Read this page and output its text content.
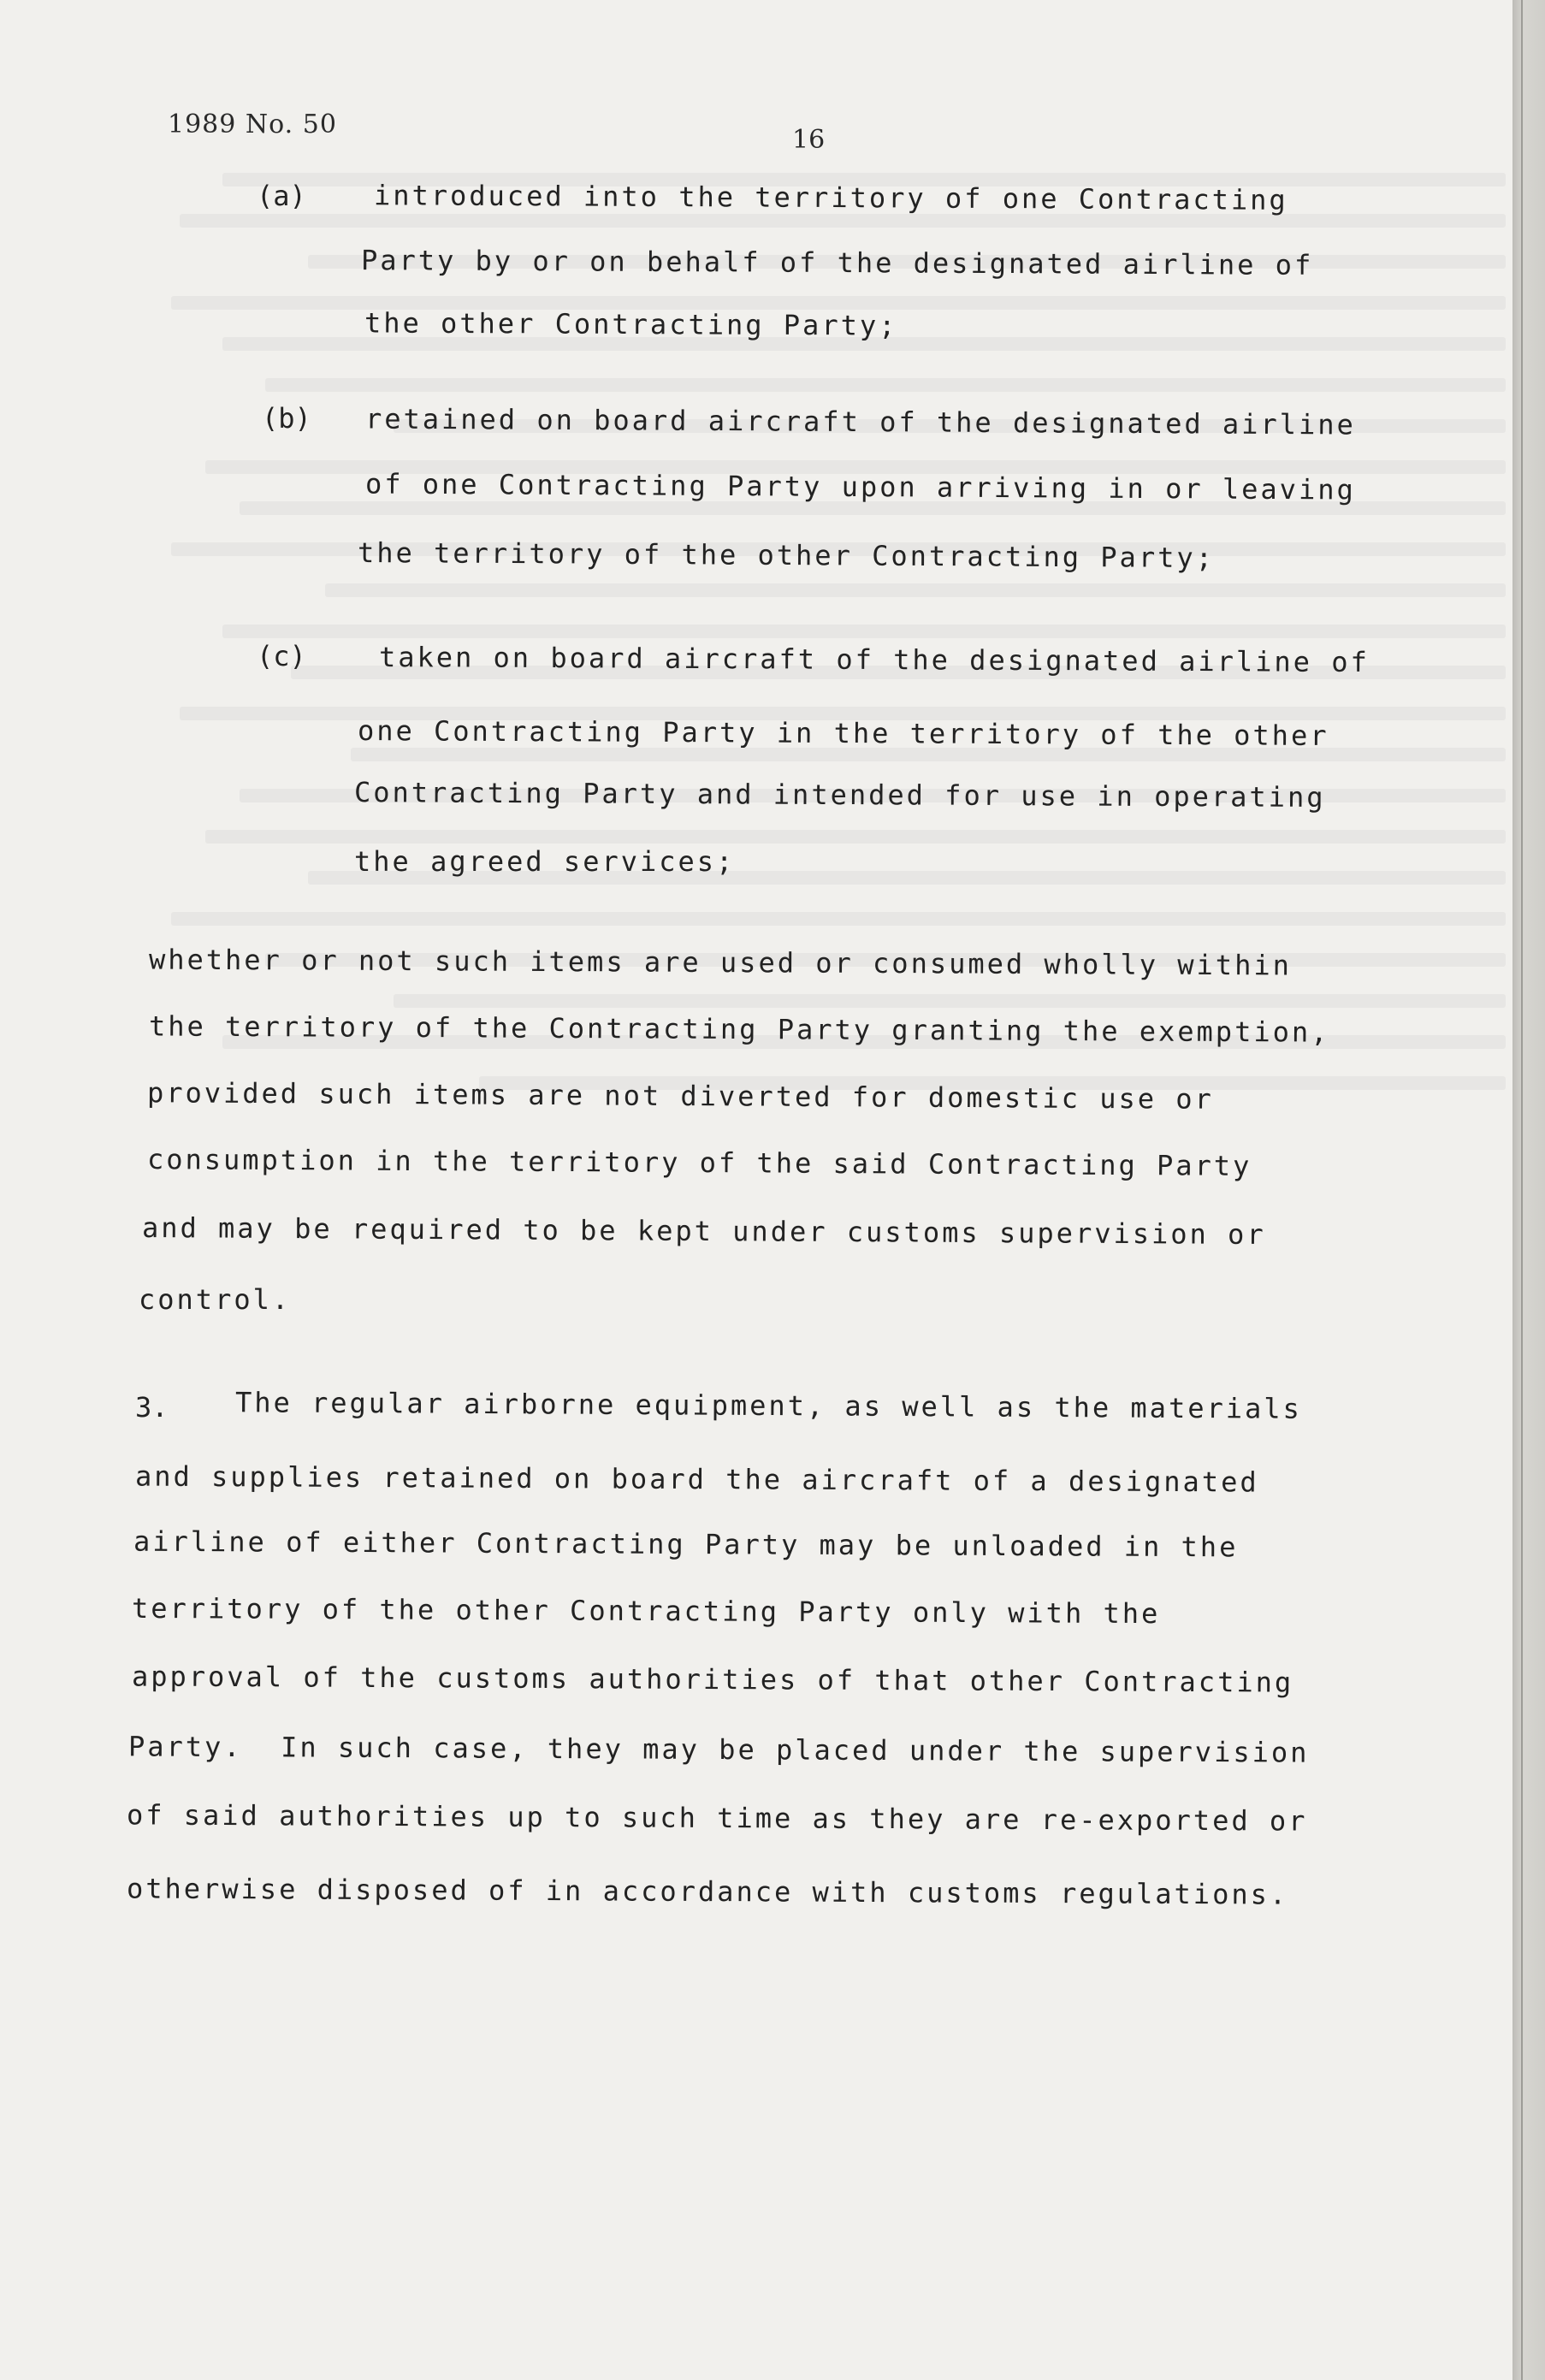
1989 No. 50
16
(a) introduced into the territory of one Contracting
Party by or on behalf of the designated airline of
the other Contracting Party;
(b) retained on board aircraft of the designated airline
of one Contracting Party upon arriving in or leaving
the territory of the other Contracting Party;
(c)	taken on board aircraft of the designated airline of
one Contracting Party in the territory of the other
Contracting Party and intended for use in operating
the agreed services;
whether or not such items are used or consumed wholly within
the territory of the Contracting Party granting the exemption,
provided such items are not diverted for domestic use or
consumption in the territory of the said Contracting Party
and may be required to be kept under customs supervision or
control.
3. The regular airborne equipment, as well as the materials
and supplies retained on board the aircraft of a designated
airline of either Contracting Party may be unloaded in the
territory of the other Contracting Party only with the
approval of the customs authorities of that other Contracting
Party.  In such case, they may be placed under the supervision
of said authorities up to such time as they are re-exported or
otherwise disposed of in accordance with customs regulations.
